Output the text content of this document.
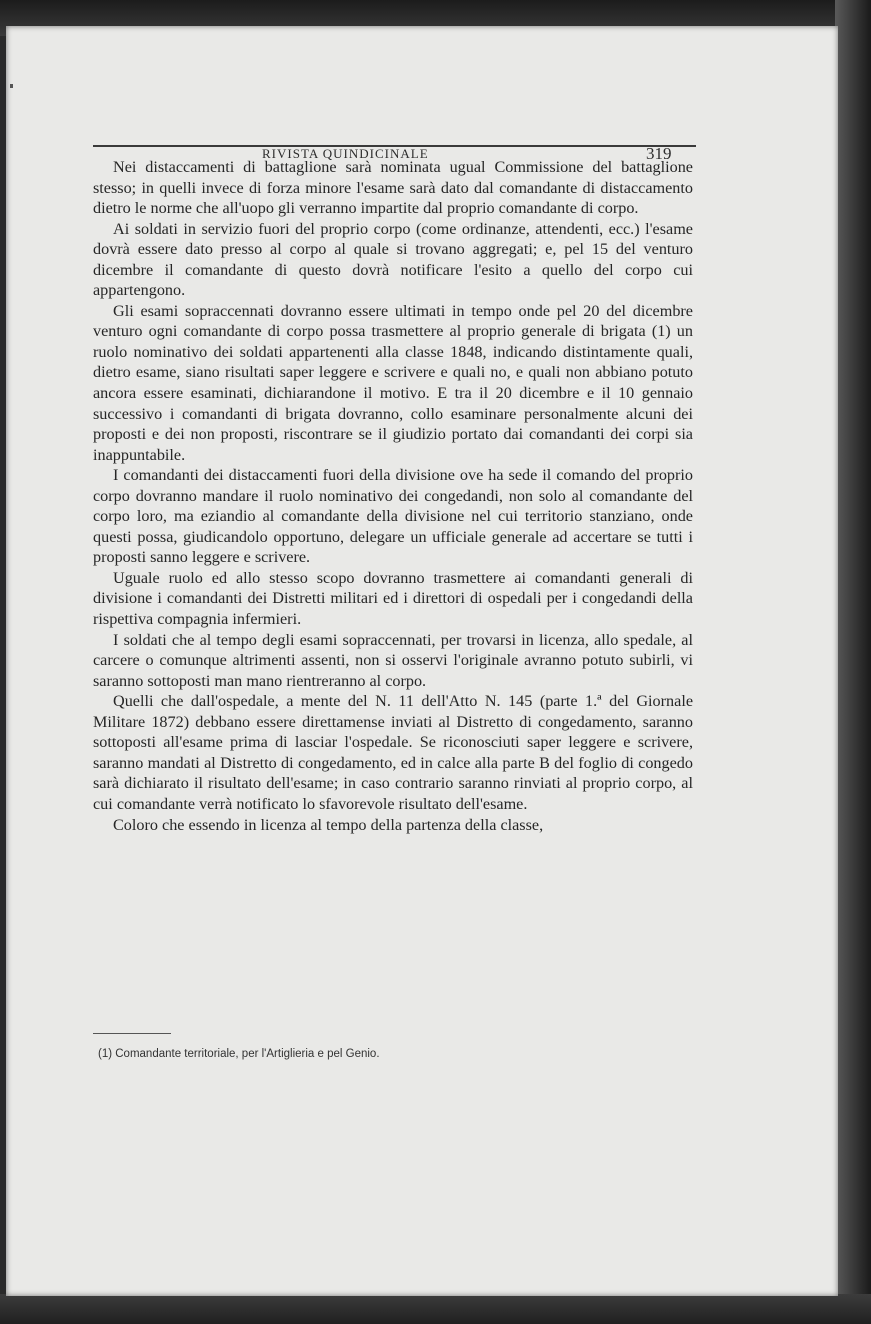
RIVISTA QUINDICINALE	319

Nei distaccamenti di battaglione sarà nominata ugual Commissione del battaglione stesso; in quelli invece di forza minore l'esame sarà dato dal comandante di distaccamento dietro le norme che all'uopo gli verranno impartite dal proprio comandante di corpo.

Ai soldati in servizio fuori del proprio corpo (come ordinanze, attendenti, ecc.) l'esame dovrà essere dato presso al corpo al quale si trovano aggregati; e, pel 15 del venturo dicembre il comandante di questo dovrà notificare l'esito a quello del corpo cui appartengono.

Gli esami sopraccennati dovranno essere ultimati in tempo onde pel 20 del dicembre venturo ogni comandante di corpo possa trasmettere al proprio generale di brigata (1) un ruolo nominativo dei soldati appartenenti alla classe 1848, indicando distintamente quali, dietro esame, siano risultati saper leggere e scrivere e quali no, e quali non abbiano potuto ancora essere esaminati, dichiarandone il motivo. E tra il 20 dicembre e il 10 gennaio successivo i comandanti di brigata dovranno, collo esaminare personalmente alcuni dei proposti e dei non proposti, riscontrare se il giudizio portato dai comandanti dei corpi sia inappuntabile.

I comandanti dei distaccamenti fuori della divisione ove ha sede il comando del proprio corpo dovranno mandare il ruolo nominativo dei congedandi, non solo al comandante del corpo loro, ma eziandio al comandante della divisione nel cui territorio stanziano, onde questi possa, giudicandolo opportuno, delegare un ufficiale generale ad accertare se tutti i proposti sanno leggere e scrivere.

Uguale ruolo ed allo stesso scopo dovranno trasmettere ai comandanti generali di divisione i comandanti dei Distretti militari ed i direttori di ospedali per i congedandi della rispettiva compagnia infermieri.

I soldati che al tempo degli esami sopraccennati, per trovarsi in licenza, allo spedale, al carcere o comunque altrimenti assenti, non si osservi l'originale avranno potuto subirli, vi saranno sottoposti man mano rientreranno al corpo.

Quelli che dall'ospedale, a mente del N. 11 dell'Atto N. 145 (parte 1.ª del Giornale Militare 1872) debbano essere direttamense inviati al Distretto di congedamento, saranno sottoposti all'esame prima di lasciar l'ospedale. Se riconosciuti saper leggere e scrivere, saranno mandati al Distretto di congedamento, ed in calce alla parte B del foglio di congedo sarà dichiarato il risultato dell'esame; in caso contrario saranno rinviati al proprio corpo, al cui comandante verrà notificato lo sfavorevole risultato dell'esame.

Coloro che essendo in licenza al tempo della partenza della classe,

(1) Comandante territoriale, per l'Artiglieria e pel Genio.
